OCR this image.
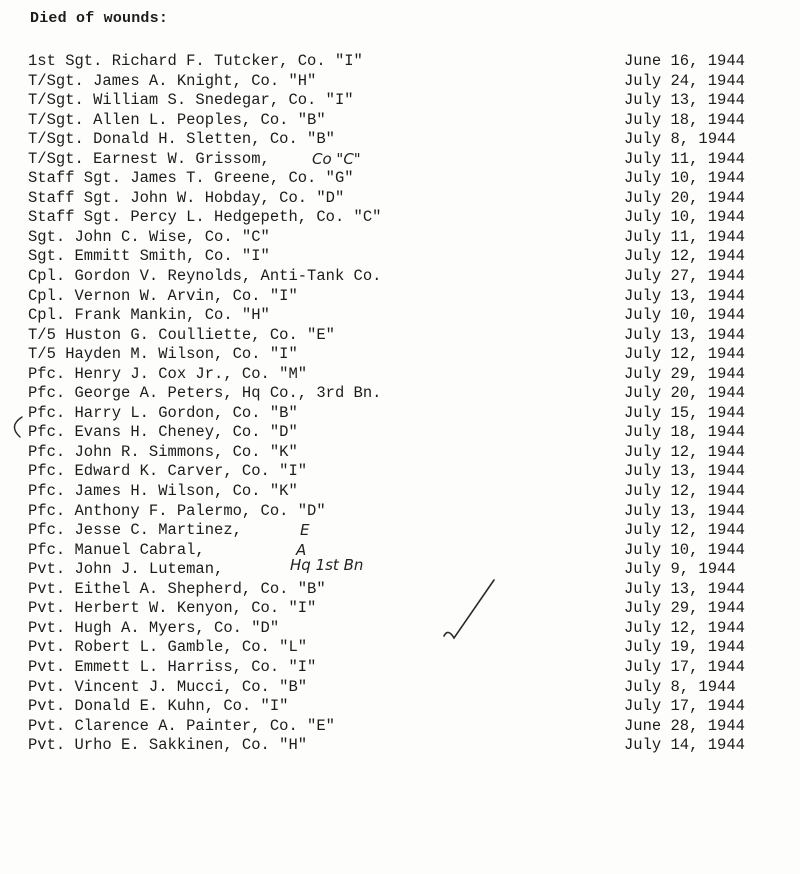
Died of wounds:
1st Sgt. Richard F. Tutcker, Co. "I"	June 16, 1944
T/Sgt. James A. Knight, Co. "H"	July 24, 1944
T/Sgt. William S. Snedegar, Co. "I"	July 13, 1944
T/Sgt. Allen L. Peoples, Co. "B"	July 18, 1944
T/Sgt. Donald H. Sletten, Co. "B"	July 8, 1944
T/Sgt. Earnest W. Grissom,	Co "C"	July 11, 1944
Staff Sgt. James T. Greene, Co. "G"	July 10, 1944
Staff Sgt. John W. Hobday, Co. "D"	July 20, 1944
Staff Sgt. Percy L. Hedgepeth, Co. "C"	July 10, 1944
Sgt. John C. Wise, Co. "C"	July 11, 1944
Sgt. Emmitt Smith, Co. "I"	July 12, 1944
Cpl. Gordon V. Reynolds, Anti-Tank Co.	July 27, 1944
Cpl. Vernon W. Arvin, Co. "I"	July 13, 1944
Cpl. Frank Mankin, Co. "H"	July 10, 1944
T/5 Huston G. Coulliette, Co. "E"	July 13, 1944
T/5 Hayden M. Wilson, Co. "I"	July 12, 1944
Pfc. Henry J. Cox Jr., Co. "M"	July 29, 1944
Pfc. George A. Peters, Hq Co., 3rd Bn.	July 20, 1944
Pfc. Harry L. Gordon, Co. "B"	July 15, 1944
Pfc. Evans H. Cheney, Co. "D"	July 18, 1944
Pfc. John R. Simmons, Co. "K"	July 12, 1944
Pfc. Edward K. Carver, Co. "I"	July 13, 1944
Pfc. James H. Wilson, Co. "K"	July 12, 1944
Pfc. Anthony F. Palermo, Co. "D"	July 13, 1944
Pfc. Jesse C. Martinez,	E	July 12, 1944
Pfc. Manuel Cabral,	A	July 10, 1944
Pvt. John J. Luteman,	Hq 1st Bn	July 9, 1944
Pvt. Eithel A. Shepherd, Co. "B"	July 13, 1944
Pvt. Herbert W. Kenyon, Co. "I"	July 29, 1944
Pvt. Hugh A. Myers, Co. "D"	July 12, 1944
Pvt. Robert L. Gamble, Co. "L"	July 19, 1944
Pvt. Emmett L. Harriss, Co. "I"	July 17, 1944
Pvt. Vincent J. Mucci, Co. "B"	July 8, 1944
Pvt. Donald E. Kuhn, Co. "I"	July 17, 1944
Pvt. Clarence A. Painter, Co. "E"	June 28, 1944
Pvt. Urho E. Sakkinen, Co. "H"	July 14, 1944
